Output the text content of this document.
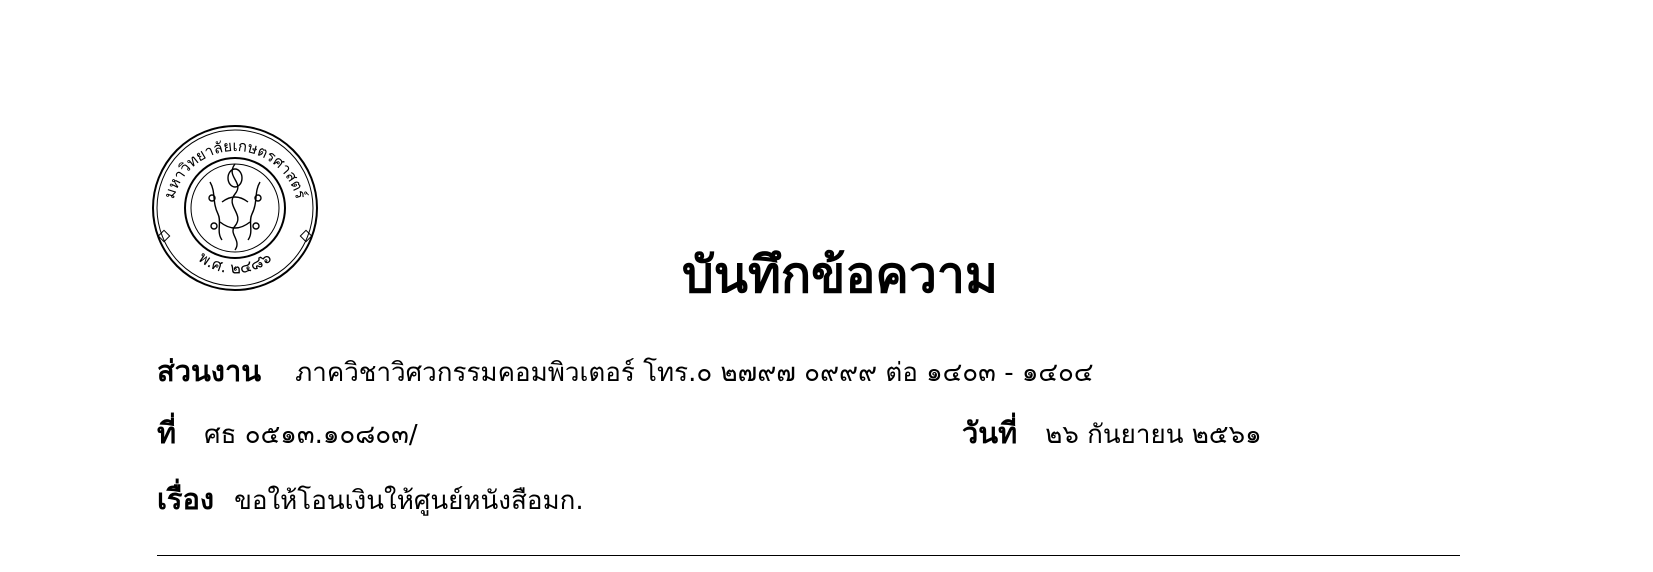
มหาวิทยาลัยเกษตรศาสตร์
พ.ศ. ๒๔๘๖	บันทึกข้อความ
ส่วนงาน ภาควิชาวิศวกรรมคอมพิวเตอร์ โทร.๐ ๒๗๙๗ ๐๙๙๙ ต่อ ๑๔๐๓ - ๑๔๐๔
ที่ ศธ ๐๕๑๓.๑๐๘๐๓/	วันที่ ๒๖ กันยายน ๒๕๖๑
เรื่อง ขอให้โอนเงินให้ศูนย์หนังสือมก.
